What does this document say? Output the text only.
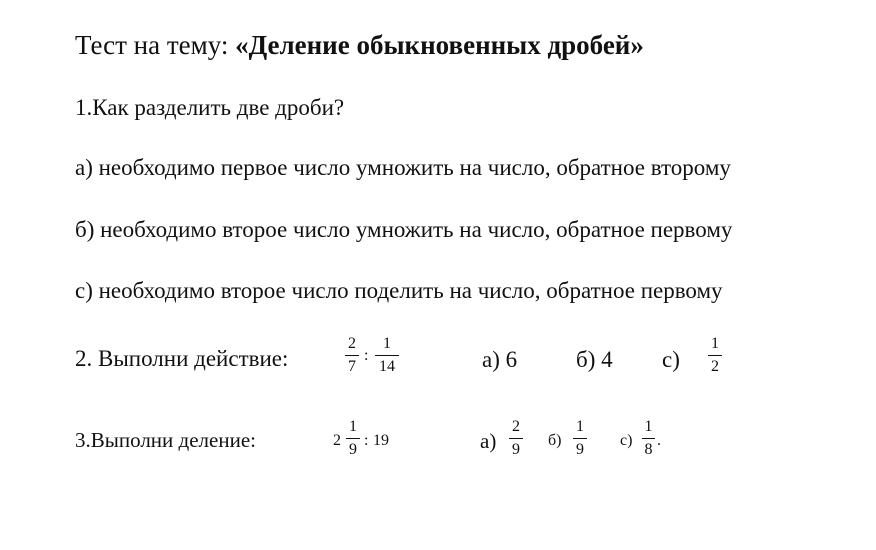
Тест на тему: «Деление обыкновенных дробей»
1.Как разделить две дроби?
а) необходимо первое число умножить на число, обратное второму
б) необходимо второе число умножить на число, обратное первому
с) необходимо второе число поделить на число, обратное первому
2. Выполни действие:
2
7
:
1
14	а) 6	б) 4 с)
1
2
3.Выполни деление:	2
1
9
: 19	а)
2
9
б)
1
9
с)
1
8
.
